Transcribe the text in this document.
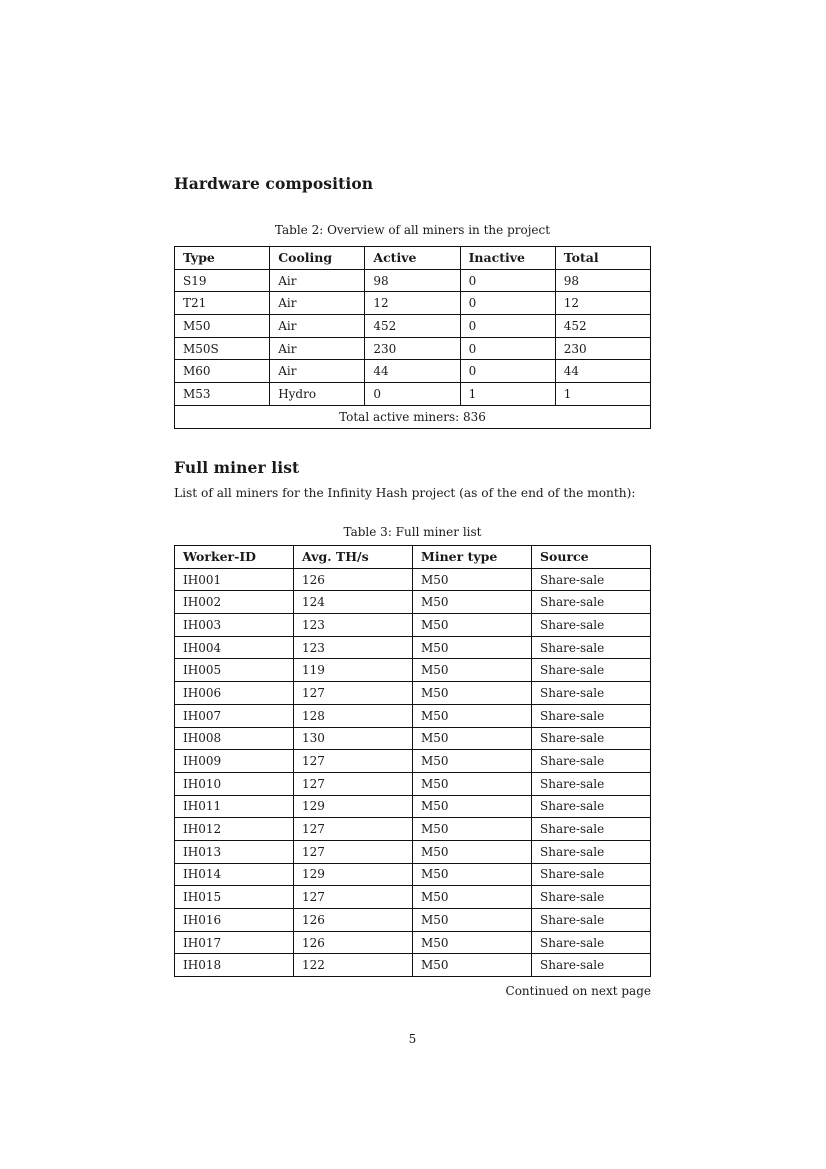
Hardware composition
Table 2: Overview of all miners in the project
Type	Cooling	Active	Inactive	Total
S19	Air	98	0	98
T21	Air	12	0	12
M50	Air	452	0	452
M50S	Air	230	0	230
M60	Air	44	0	44
M53	Hydro	0	1	1
Total active miners: 836				
Full miner list

List of all miners for the Infinity Hash project (as of the end of the month):

Table 3: Full miner list
Worker-ID	Avg. TH/s	Miner type	Source
IH001	126	M50	Share-sale
IH002	124	M50	Share-sale
IH003	123	M50	Share-sale
IH004	123	M50	Share-sale
IH005	119	M50	Share-sale
IH006	127	M50	Share-sale
IH007	128	M50	Share-sale
IH008	130	M50	Share-sale
IH009	127	M50	Share-sale
IH010	127	M50	Share-sale
IH011	129	M50	Share-sale
IH012	127	M50	Share-sale
IH013	127	M50	Share-sale
IH014	129	M50	Share-sale
IH015	127	M50	Share-sale
IH016	126	M50	Share-sale
IH017	126	M50	Share-sale
IH018	122	M50	Share-sale
Continued on next page
5
